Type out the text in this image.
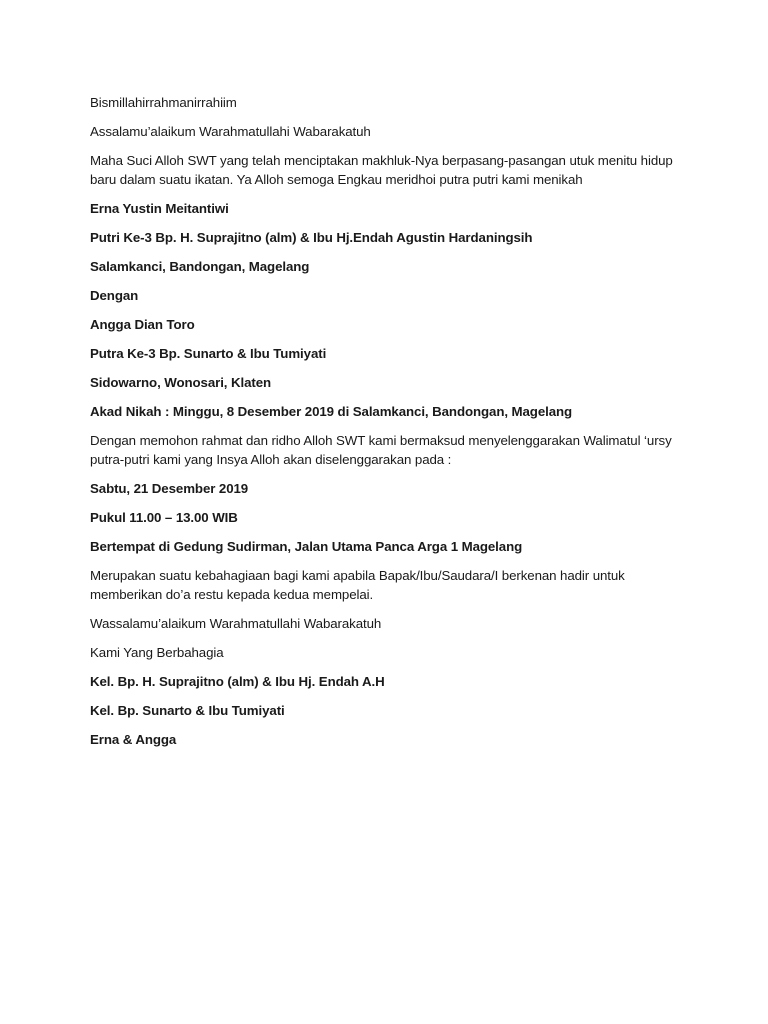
Bismillahirrahmanirrahiim

Assalamu’alaikum Warahmatullahi Wabarakatuh

Maha Suci Alloh SWT yang telah menciptakan makhluk-Nya berpasang-pasangan utuk menitu hidup baru dalam suatu ikatan. Ya Alloh semoga Engkau meridhoi putra putri kami menikah

Erna Yustin Meitantiwi

Putri Ke-3 Bp. H. Suprajitno (alm) & Ibu Hj.Endah Agustin Hardaningsih

Salamkanci, Bandongan, Magelang

Dengan

Angga Dian Toro

Putra Ke-3 Bp. Sunarto & Ibu Tumiyati

Sidowarno, Wonosari, Klaten

Akad Nikah : Minggu, 8 Desember 2019 di Salamkanci, Bandongan, Magelang

Dengan memohon rahmat dan ridho Alloh SWT kami bermaksud menyelenggarakan Walimatul ‘ursy putra-putri kami yang Insya Alloh akan diselenggarakan pada :

Sabtu, 21 Desember 2019

Pukul 11.00 – 13.00 WIB

Bertempat di Gedung Sudirman, Jalan Utama Panca Arga 1 Magelang

Merupakan suatu kebahagiaan bagi kami apabila Bapak/Ibu/Saudara/I berkenan hadir untuk memberikan do’a restu kepada kedua mempelai.

Wassalamu’alaikum Warahmatullahi Wabarakatuh

Kami Yang Berbahagia

Kel. Bp. H. Suprajitno (alm) & Ibu Hj. Endah A.H

Kel. Bp. Sunarto & Ibu Tumiyati

Erna & Angga
